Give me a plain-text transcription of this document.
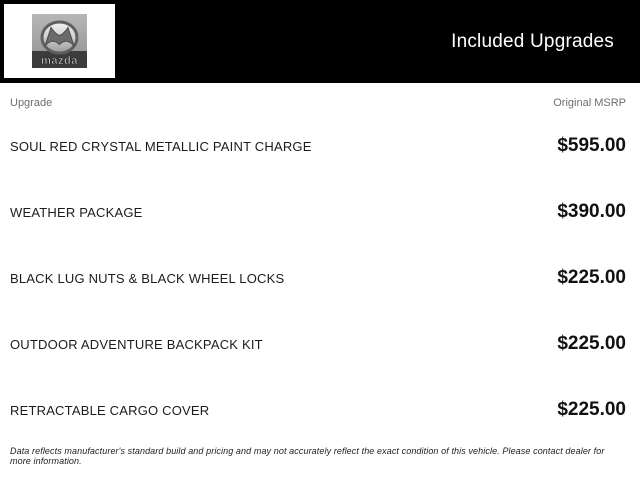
mazda
Included Upgrades
Upgrade	Original MSRP
SOUL RED CRYSTAL METALLIC PAINT CHARGE	$595.00
WEATHER PACKAGE	$390.00
BLACK LUG NUTS & BLACK WHEEL LOCKS	$225.00
OUTDOOR ADVENTURE BACKPACK KIT	$225.00
RETRACTABLE CARGO COVER	$225.00

Data reflects manufacturer's standard build and pricing and may not accurately reflect the exact condition of this vehicle. Please contact dealer for more information.
